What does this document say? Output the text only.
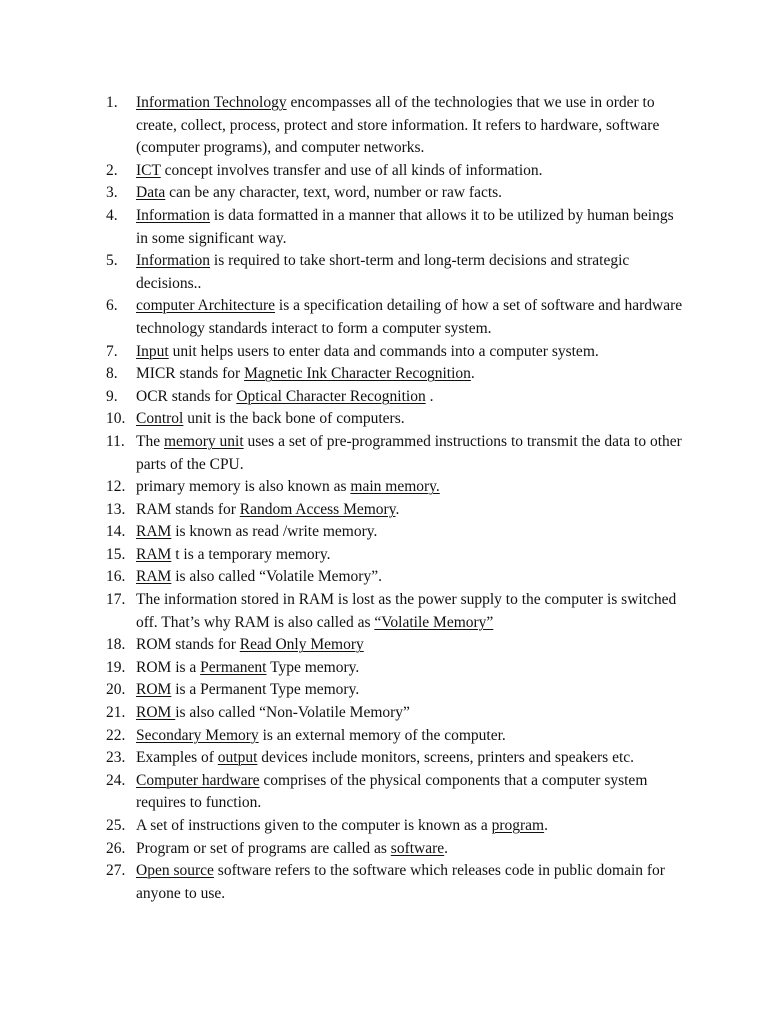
1.	Information Technology encompasses all of the technologies that we use in order to create, collect, process, protect and store information. It refers to hardware, software (computer programs), and computer networks.
2.	ICT concept involves transfer and use of all kinds of information.
3.	Data can be any character, text, word, number or raw facts.
4.	Information is data formatted in a manner that allows it to be utilized by human beings in some significant way.
5.	Information is required to take short-term and long-term decisions and strategic decisions..
6.	computer Architecture is a specification detailing of how a set of software and hardware technology standards interact to form a computer system.
7.	Input unit helps users to enter data and commands into a computer system.
8.	MICR stands for Magnetic Ink Character Recognition.
9.	OCR stands for Optical Character Recognition .
10. Control unit is the back bone of computers.
11. The memory unit uses a set of pre-programmed instructions to transmit the data to other parts of the CPU.
12. primary memory is also known as main memory.
13. RAM stands for Random Access Memory.
14. RAM is known as read /write memory.
15. RAM t is a temporary memory.
16. RAM is also called “Volatile Memory”.
17. The information stored in RAM is lost as the power supply to the computer is switched off. That’s why RAM is also called as “Volatile Memory”
18. ROM stands for Read Only Memory
19. ROM is a Permanent Type memory.
20. ROM is a Permanent Type memory.
21. ROM is also called “Non-Volatile Memory”
22. Secondary Memory is an external memory of the computer.
23. Examples of output devices include monitors, screens, printers and speakers etc.
24. Computer hardware comprises of the physical components that a computer system requires to function.
25. A set of instructions given to the computer is known as a program.
26. Program or set of programs are called as software.
27. Open source software refers to the software which releases code in public domain for anyone to use.
